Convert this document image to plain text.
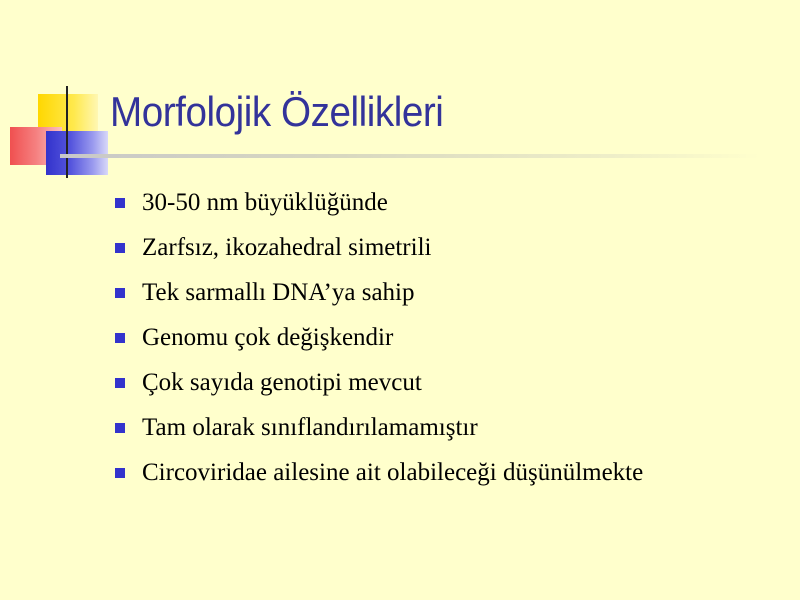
Morfolojik Özellikleri
30-50 nm büyüklüğünde
Zarfsız, ikozahedral simetrili
Tek sarmallı DNA’ya sahip
Genomu çok değişkendir
Çok sayıda genotipi mevcut
Tam olarak sınıflandırılamamıştır
Circoviridae ailesine ait olabileceği düşünülmekte
